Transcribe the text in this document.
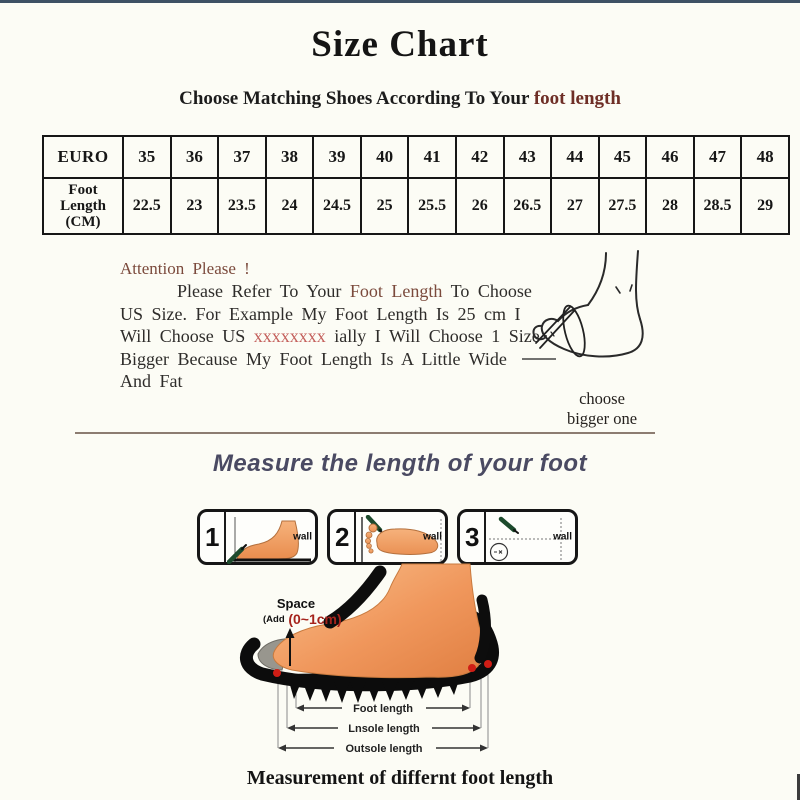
Size Chart
Choose Matching Shoes According To Your foot length
EURO	35	36	37	38	39	40	41	42	43	44	45	46	47	48

Foot
Length
(CM)	22.5	23	23.5	24	24.5	25	25.5	26	26.5	27	27.5	28	28.5	29
Attention Please !
Please Refer To Your Foot Length To Choose
US Size. For Example My Foot Length Is 25 cm I
Will Choose US xxxxxxxx ially I Will Choose 1 Size
Bigger Because My Foot Length Is A Little Wide
And Fat
choose
bigger one
Measure the length of your foot
1	wall 2	wall 3	wall
Space
(Add (0~1cm)
Foot length
Lnsole length
Outsole length
Measurement of differnt foot length
